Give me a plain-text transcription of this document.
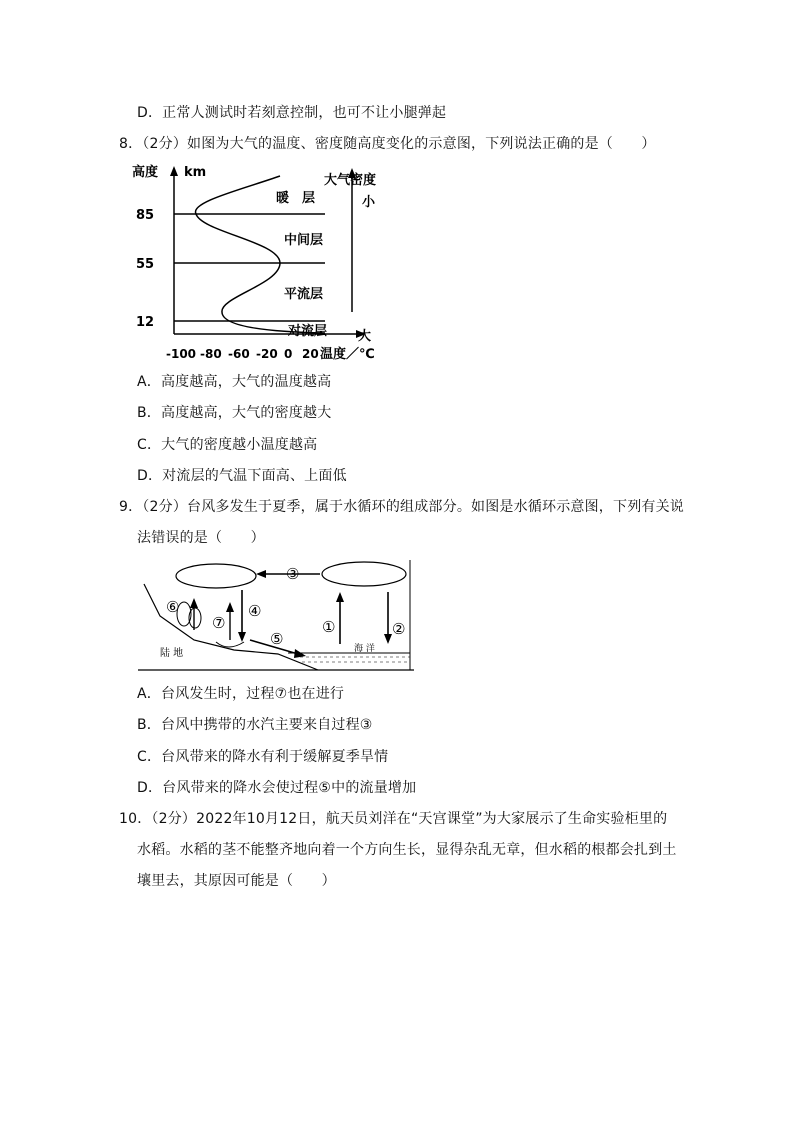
D．正常人测试时若刻意控制，也可不让小腿弹起
8．（2分）如图为大气的温度、密度随高度变化的示意图，下列说法正确的是（　　）
高度 km
大气密度
小
大
暖　层
中间层
平流层
对流层
85
55
12
-100 -80 -60 -20 0 20 温度／℃
A．高度越高，大气的温度越高
B．高度越高，大气的密度越大
C．大气的密度越小温度越高
D．对流层的气温下面高、上面低
9．（2分）台风多发生于夏季，属于水循环的组成部分。如图是水循环示意图，下列有关说
法错误的是（　　）
③
④
⑦
⑥
⑤
①	②
陆 地	海 洋
A．台风发生时，过程⑦也在进行
B．台风中携带的水汽主要来自过程③
C．台风带来的降水有利于缓解夏季旱情
D．台风带来的降水会使过程⑤中的流量增加
10．（2分）2022年10月12日，航天员刘洋在“天宫课堂”为大家展示了生命实验柜里的
水稻。水稻的茎不能整齐地向着一个方向生长，显得杂乱无章，但水稻的根都会扎到土
壤里去，其原因可能是（　　）
